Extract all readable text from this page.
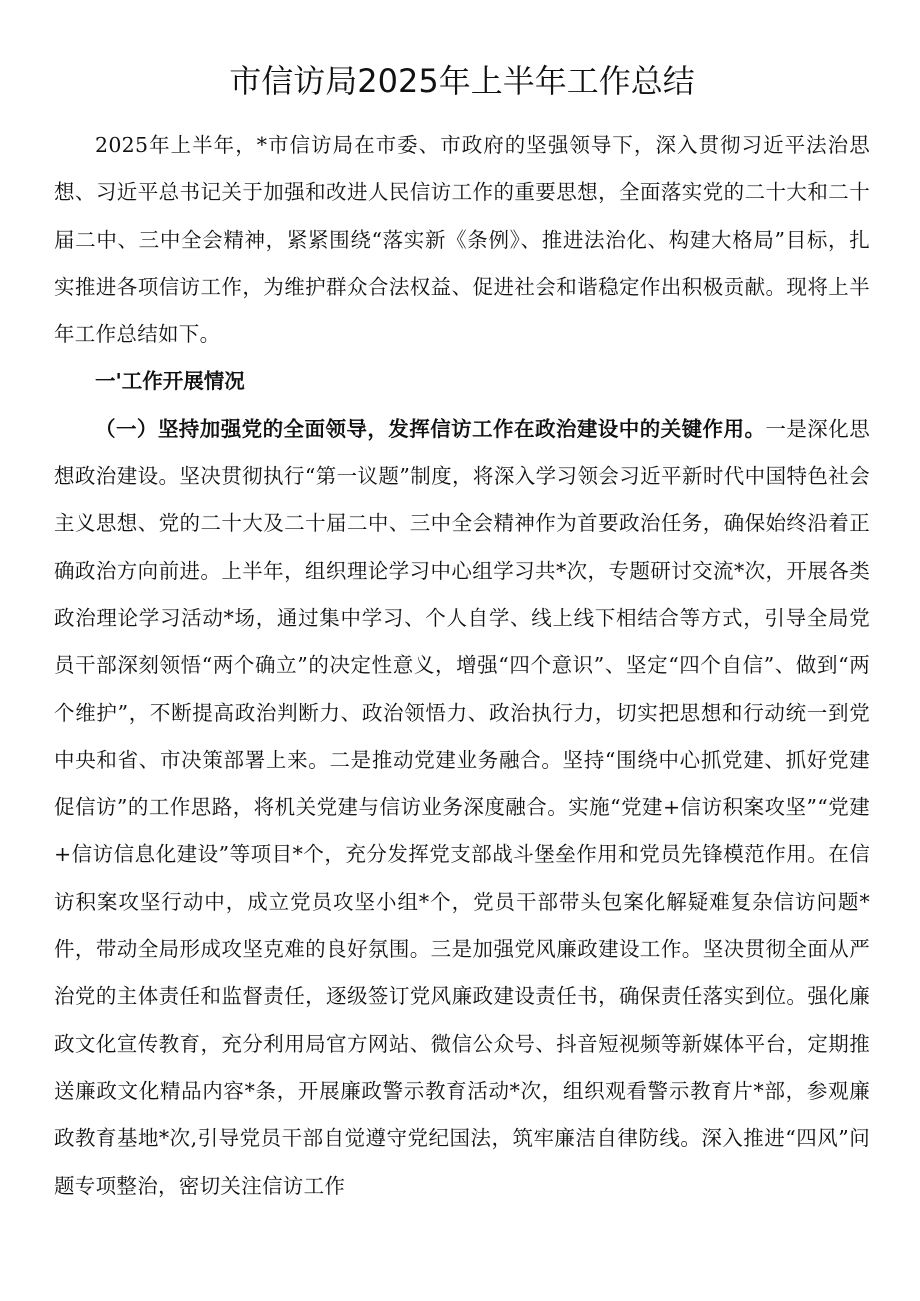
市信访局2025年上半年工作总结

2025年上半年，*市信访局在市委、市政府的坚强领导下，深入贯彻习近平法治思想、习近平总书记关于加强和改进人民信访工作的重要思想，全面落实党的二十大和二十届二中、三中全会精神，紧紧围绕“落实新《条例》、推进法治化、构建大格局”目标，扎实推进各项信访工作，为维护群众合法权益、促进社会和谐稳定作出积极贡献。现将上半年工作总结如下。

一'工作开展情况

（一）坚持加强党的全面领导，发挥信访工作在政治建设中的关键作用。一是深化思想政治建设。坚决贯彻执行“第一议题”制度，将深入学习领会习近平新时代中国特色社会主义思想、党的二十大及二十届二中、三中全会精神作为首要政治任务，确保始终沿着正确政治方向前进。上半年，组织理论学习中心组学习共*次，专题研讨交流*次，开展各类政治理论学习活动*场，通过集中学习、个人自学、线上线下相结合等方式，引导全局党员干部深刻领悟“两个确立”的决定性意义，增强“四个意识”、坚定“四个自信”、做到“两个维护”，不断提高政治判断力、政治领悟力、政治执行力，切实把思想和行动统一到党中央和省、市决策部署上来。二是推动党建业务融合。坚持“围绕中心抓党建、抓好党建促信访”的工作思路，将机关党建与信访业务深度融合。实施“党建+信访积案攻坚”“党建+信访信息化建设”等项目*个，充分发挥党支部战斗堡垒作用和党员先锋模范作用。在信访积案攻坚行动中，成立党员攻坚小组*个，党员干部带头包案化解疑难复杂信访问题*件，带动全局形成攻坚克难的良好氛围。三是加强党风廉政建设工作。坚决贯彻全面从严治党的主体责任和监督责任，逐级签订党风廉政建设责任书，确保责任落实到位。强化廉政文化宣传教育，充分利用局官方网站、微信公众号、抖音短视频等新媒体平台，定期推送廉政文化精品内容*条，开展廉政警示教育活动*次，组织观看警示教育片*部，参观廉政教育基地*次,引导党员干部自觉遵守党纪国法，筑牢廉洁自律防线。深入推进“四风”问题专项整治，密切关注信访工作
